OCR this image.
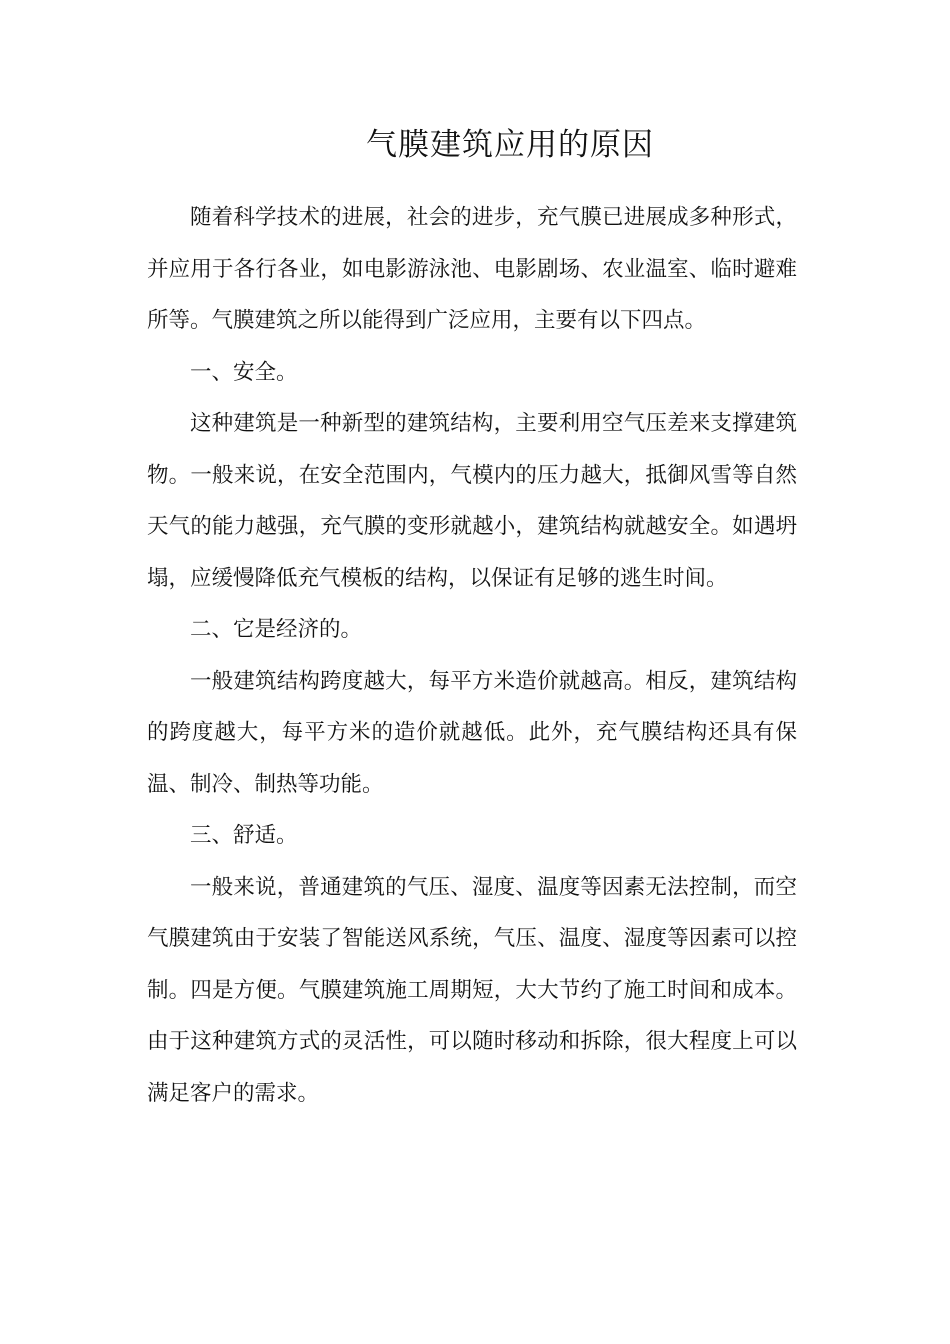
气膜建筑应用的原因

随着科学技术的进展，社会的进步，充气膜已进展成多种形式，并应用于各行各业，如电影游泳池、电影剧场、农业温室、临时避难所等。气膜建筑之所以能得到广泛应用，主要有以下四点。

一、安全。

这种建筑是一种新型的建筑结构，主要利用空气压差来支撑建筑物。一般来说，在安全范围内，气模内的压力越大，抵御风雪等自然天气的能力越强，充气膜的变形就越小，建筑结构就越安全。如遇坍塌，应缓慢降低充气模板的结构，以保证有足够的逃生时间。

二、它是经济的。

一般建筑结构跨度越大，每平方米造价就越高。相反，建筑结构的跨度越大，每平方米的造价就越低。此外，充气膜结构还具有保温、制冷、制热等功能。

三、舒适。

一般来说，普通建筑的气压、湿度、温度等因素无法控制，而空气膜建筑由于安装了智能送风系统，气压、温度、湿度等因素可以控制。四是方便。气膜建筑施工周期短，大大节约了施工时间和成本。由于这种建筑方式的灵活性，可以随时移动和拆除，很大程度上可以满足客户的需求。
